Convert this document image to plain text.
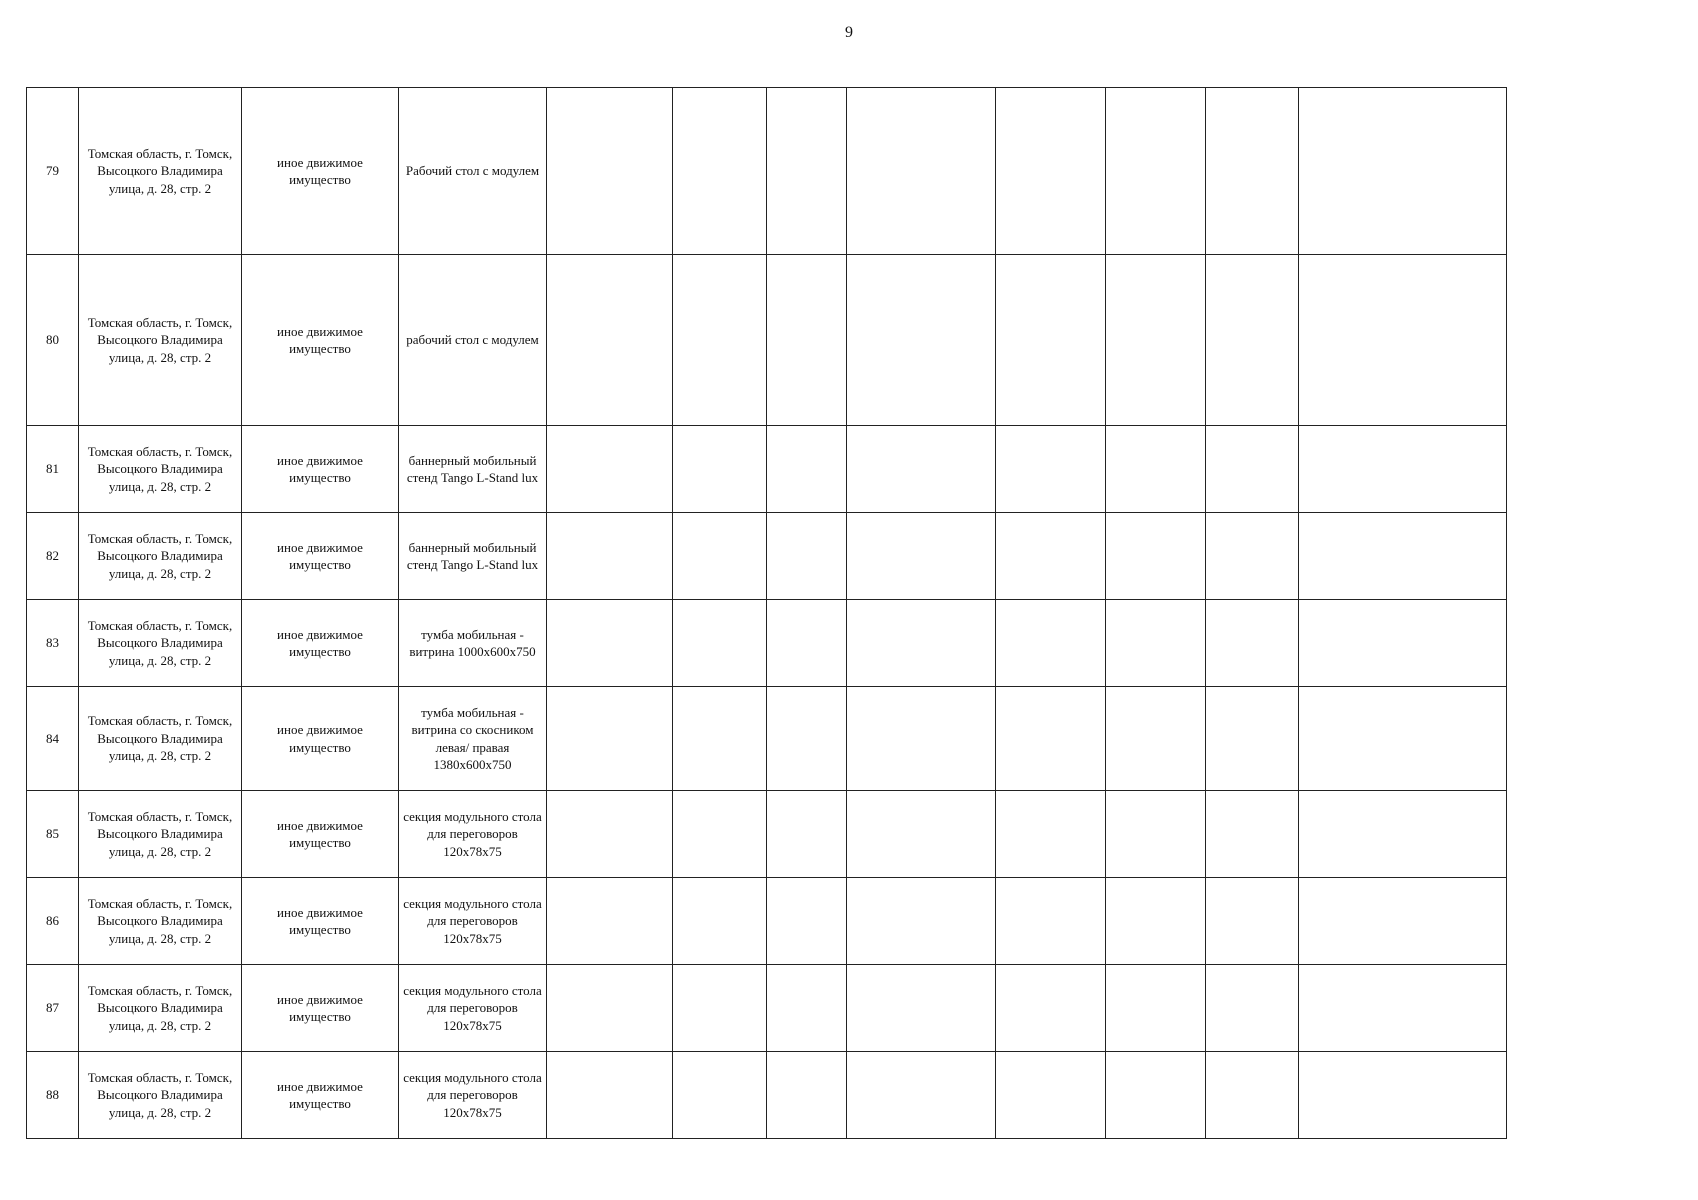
9
79	Томская область, г. Томск, Высоцкого Владимира улица, д. 28, стр. 2	иное движимое имущество	Рабочий стол с модулем								
80	Томская область, г. Томск, Высоцкого Владимира улица, д. 28, стр. 2	иное движимое имущество	рабочий стол с модулем								
81	Томская область, г. Томск, Высоцкого Владимира улица, д. 28, стр. 2	иное движимое имущество	баннерный мобильный стенд Tango L-Stand lux								
82	Томская область, г. Томск, Высоцкого Владимира улица, д. 28, стр. 2	иное движимое имущество	баннерный мобильный стенд Tango L-Stand lux								
83	Томская область, г. Томск, Высоцкого Владимира улица, д. 28, стр. 2	иное движимое имущество	тумба мобильная - витрина 1000х600х750								
84	Томская область, г. Томск, Высоцкого Владимира улица, д. 28, стр. 2	иное движимое имущество	тумба мобильная - витрина со скосником левая/ правая 1380х600х750								
85	Томская область, г. Томск, Высоцкого Владимира улица, д. 28, стр. 2	иное движимое имущество	секция модульного стола для переговоров 120х78х75								
86	Томская область, г. Томск, Высоцкого Владимира улица, д. 28, стр. 2	иное движимое имущество	секция модульного стола для переговоров 120х78х75								
87	Томская область, г. Томск, Высоцкого Владимира улица, д. 28, стр. 2	иное движимое имущество	секция модульного стола для переговоров 120х78х75								
88	Томская область, г. Томск, Высоцкого Владимира улица, д. 28, стр. 2	иное движимое имущество	секция модульного стола для переговоров 120х78х75								
